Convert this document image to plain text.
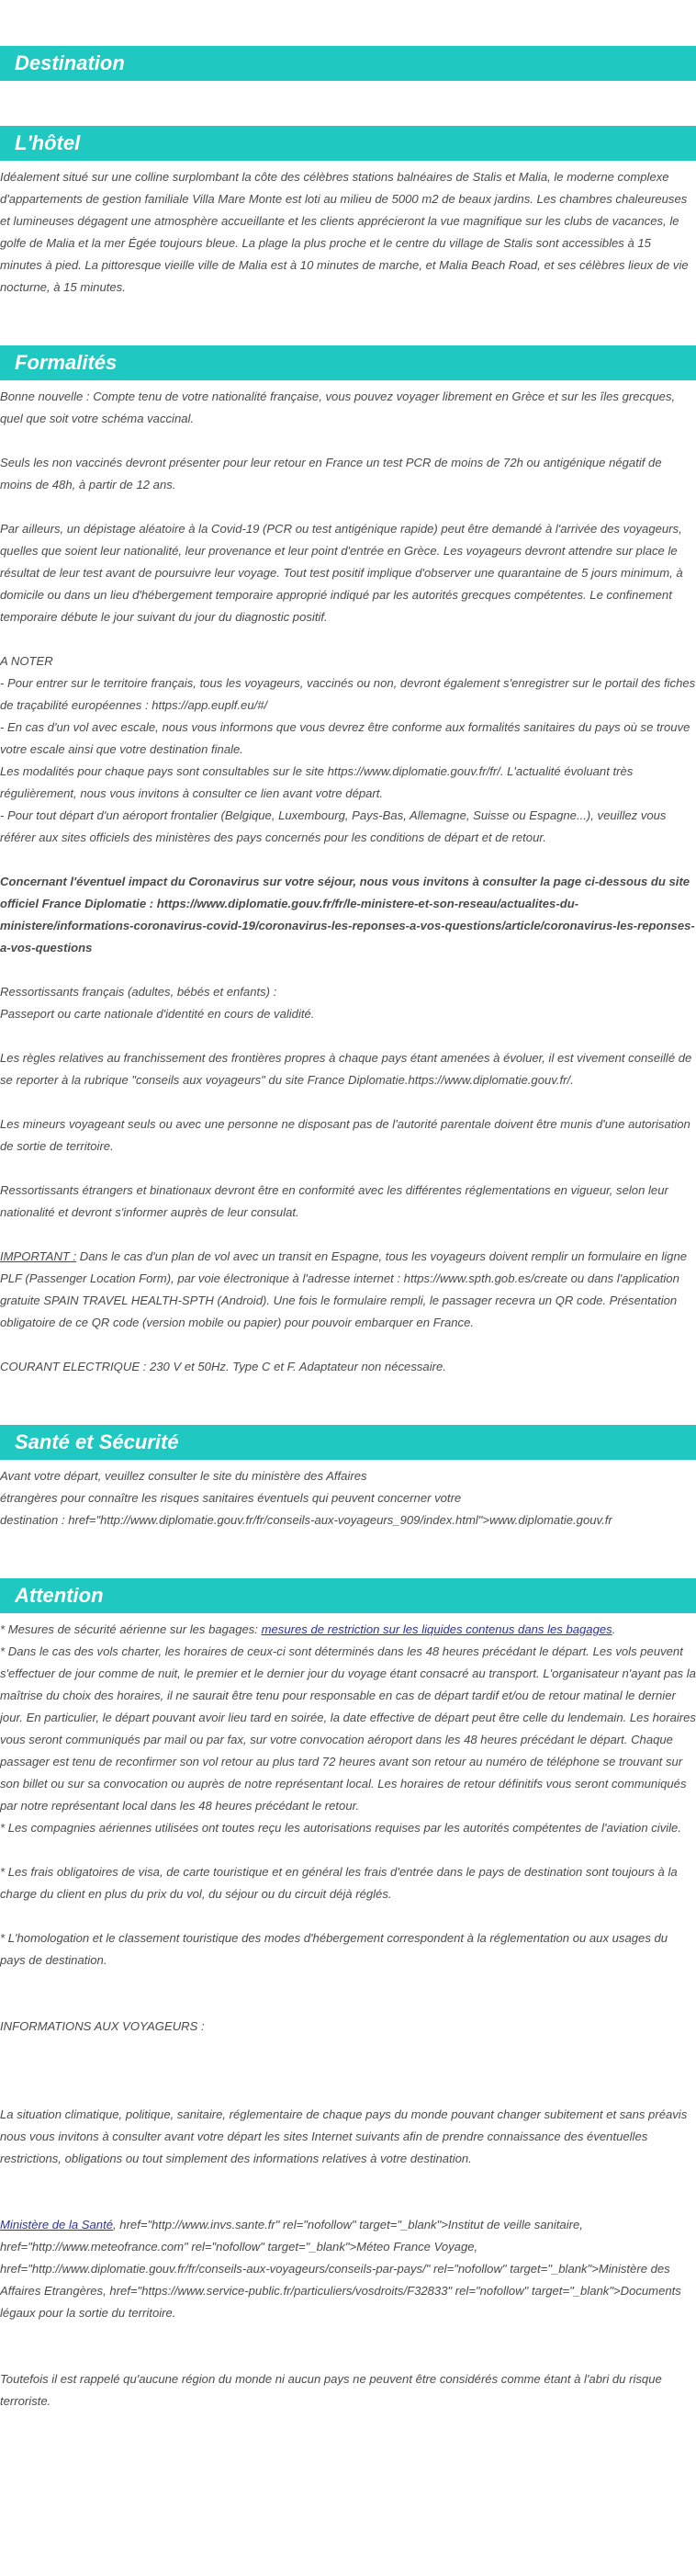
Destination
L'hôtel

Idéalement situé sur une colline surplombant la côte des célèbres stations balnéaires de Stalis et Malia, le moderne complexe d'appartements de gestion familiale Villa Mare Monte est loti au milieu de 5000 m2 de beaux jardins. Les chambres chaleureuses et lumineuses dégagent une atmosphère accueillante et les clients apprécieront la vue magnifique sur les clubs de vacances, le golfe de Malia et la mer Égée toujours bleue. La plage la plus proche et le centre du village de Stalis sont accessibles à 15 minutes à pied. La pittoresque vieille ville de Malia est à 10 minutes de marche, et Malia Beach Road, et ses célèbres lieux de vie nocturne, à 15 minutes.

Formalités

Bonne nouvelle : Compte tenu de votre nationalité française, vous pouvez voyager librement en Grèce et sur les îles grecques, quel que soit votre schéma vaccinal.

Seuls les non vaccinés devront présenter pour leur retour en France un test PCR de moins de 72h ou antigénique négatif de moins de 48h, à partir de 12 ans.

Par ailleurs, un dépistage aléatoire à la Covid-19 (PCR ou test antigénique rapide) peut être demandé à l'arrivée des voyageurs, quelles que soient leur nationalité, leur provenance et leur point d'entrée en Grèce. Les voyageurs devront attendre sur place le résultat de leur test avant de poursuivre leur voyage. Tout test positif implique d'observer une quarantaine de 5 jours minimum, à domicile ou dans un lieu d'hébergement temporaire approprié indiqué par les autorités grecques compétentes. Le confinement temporaire débute le jour suivant du jour du diagnostic positif.

A NOTER

- Pour entrer sur le territoire français, tous les voyageurs, vaccinés ou non, devront également s'enregistrer sur le portail des fiches de traçabilité européennes : https://app.euplf.eu/#/

- En cas d'un vol avec escale, nous vous informons que vous devrez être conforme aux formalités sanitaires du pays où se trouve votre escale ainsi que votre destination finale.

Les modalités pour chaque pays sont consultables sur le site https://www.diplomatie.gouv.fr/fr/. L'actualité évoluant très régulièrement, nous vous invitons à consulter ce lien avant votre départ.

- Pour tout départ d'un aéroport frontalier (Belgique, Luxembourg, Pays-Bas, Allemagne, Suisse ou Espagne...), veuillez vous référer aux sites officiels des ministères des pays concernés pour les conditions de départ et de retour.

Concernant l'éventuel impact du Coronavirus sur votre séjour, nous vous invitons à consulter la page ci-dessous du site officiel France Diplomatie : https://www.diplomatie.gouv.fr/fr/le-ministere-et-son-reseau/actualites-du-ministere/informations-coronavirus-covid-19/coronavirus-les-reponses-a-vos-questions/article/coronavirus-les-reponses-a-vos-questions

Ressortissants français (adultes, bébés et enfants) :

Passeport ou carte nationale d'identité en cours de validité.

Les règles relatives au franchissement des frontières propres à chaque pays étant amenées à évoluer, il est vivement conseillé de se reporter à la rubrique "conseils aux voyageurs" du site France Diplomatie.https://www.diplomatie.gouv.fr/.

Les mineurs voyageant seuls ou avec une personne ne disposant pas de l'autorité parentale doivent être munis d'une autorisation de sortie de territoire.

Ressortissants étrangers et binationaux devront être en conformité avec les différentes réglementations en vigueur, selon leur nationalité et devront s'informer auprès de leur consulat.

IMPORTANT : Dans le cas d'un plan de vol avec un transit en Espagne, tous les voyageurs doivent remplir un formulaire en ligne PLF (Passenger Location Form), par voie électronique à l'adresse internet : https://www.spth.gob.es/create ou dans l'application gratuite SPAIN TRAVEL HEALTH-SPTH (Android). Une fois le formulaire rempli, le passager recevra un QR code. Présentation obligatoire de ce QR code (version mobile ou papier) pour pouvoir embarquer en France.

COURANT ELECTRIQUE : 230 V et 50Hz. Type C et F. Adaptateur non nécessaire.

Santé et Sécurité

Avant votre départ, veuillez consulter le site du ministère des Affaires

étrangères pour connaître les risques sanitaires éventuels qui peuvent concerner votre

destination : href="http://www.diplomatie.gouv.fr/fr/conseils-aux-voyageurs_909/index.html">www.diplomatie.gouv.fr

Attention

* Mesures de sécurité aérienne sur les bagages: mesures de restriction sur les liquides contenus dans les bagages.

* Dans le cas des vols charter, les horaires de ceux-ci sont déterminés dans les 48 heures précédant le départ. Les vols peuvent s'effectuer de jour comme de nuit, le premier et le dernier jour du voyage étant consacré au transport. L'organisateur n'ayant pas la maîtrise du choix des horaires, il ne saurait être tenu pour responsable en cas de départ tardif et/ou de retour matinal le dernier jour. En particulier, le départ pouvant avoir lieu tard en soirée, la date effective de départ peut être celle du lendemain. Les horaires vous seront communiqués par mail ou par fax, sur votre convocation aéroport dans les 48 heures précédant le départ. Chaque passager est tenu de reconfirmer son vol retour au plus tard 72 heures avant son retour au numéro de téléphone se trouvant sur son billet ou sur sa convocation ou auprès de notre représentant local. Les horaires de retour définitifs vous seront communiqués par notre représentant local dans les 48 heures précédant le retour.

* Les compagnies aériennes utilisées ont toutes reçu les autorisations requises par les autorités compétentes de l'aviation civile.

* Les frais obligatoires de visa, de carte touristique et en général les frais d'entrée dans le pays de destination sont toujours à la charge du client en plus du prix du vol, du séjour ou du circuit déjà réglés.

* L'homologation et le classement touristique des modes d'hébergement correspondent à la réglementation ou aux usages du pays de destination.

INFORMATIONS AUX VOYAGEURS :

La situation climatique, politique, sanitaire, réglementaire de chaque pays du monde pouvant changer subitement et sans préavis

nous vous invitons à consulter avant votre départ les sites Internet suivants afin de prendre connaissance des éventuelles restrictions, obligations ou tout simplement des informations relatives à votre destination.

Ministère de la Santé, href="http://www.invs.sante.fr" rel="nofollow" target="_blank">Institut de veille sanitaire, href="http://www.meteofrance.com" rel="nofollow" target="_blank">Méteo France Voyage, href="http://www.diplomatie.gouv.fr/fr/conseils-aux-voyageurs/conseils-par-pays/" rel="nofollow" target="_blank">Ministère des Affaires Etrangères, href="https://www.service-public.fr/particuliers/vosdroits/F32833" rel="nofollow" target="_blank">Documents légaux pour la sortie du territoire.

Toutefois il est rappelé qu'aucune région du monde ni aucun pays ne peuvent être considérés comme étant à l'abri du risque terroriste.
